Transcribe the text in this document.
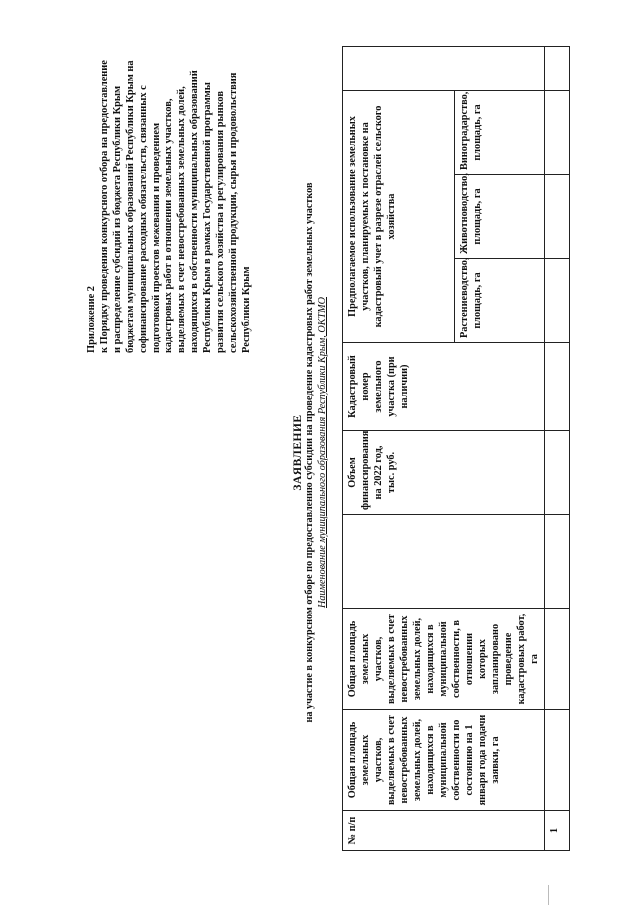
Приложение 2 к Порядку проведения конкурсного отбора на предоставление и распределение субсидий из бюджета Республики Крым бюджетам муниципальных образований Республики Крым на софинансирование расходных обязательств, связанных с подготовкой проектов межевания и проведением кадастровых работ в отношении земельных участков, выделяемых в счет невостребованных земельных долей, находящихся в собственности муниципальных образований Республики Крым в рамках Государственной программы развития сельского хозяйства и регулирования рынков сельскохозяйственной продукции, сырья и продовольствия Республики Крым
ЗАЯВЛЕНИЕ на участие в конкурсном отборе по предоставлению субсидии на проведение кадастровых работ земельных участков Наименование муниципального образования Республики Крым, ОКТМО
№ п/п	Общая площадь земельных участков, выделяемых в счет невостребованных земельных долей, находящихся в муниципальной собственности по состоянию на 1 января года подачи заявки, га	Общая площадь земельных участков, выделяемых в счет невостребованных земельных долей, находящихся в муниципальной собственности, в отношении которых запланировано проведение кадастровых работ, га		Объем финансирования на 2022 год, тыс. руб.	Кадастровый номер земельного участка (при наличии)	Предполагаемое использование земельных участков, планируемых к постановке на кадастровый учет в разрезе отраслей сельского хозяйства			
						Растениеводство, площадь, га	Животноводство, площадь, га	Виноградарство, площадь, га	
1									
